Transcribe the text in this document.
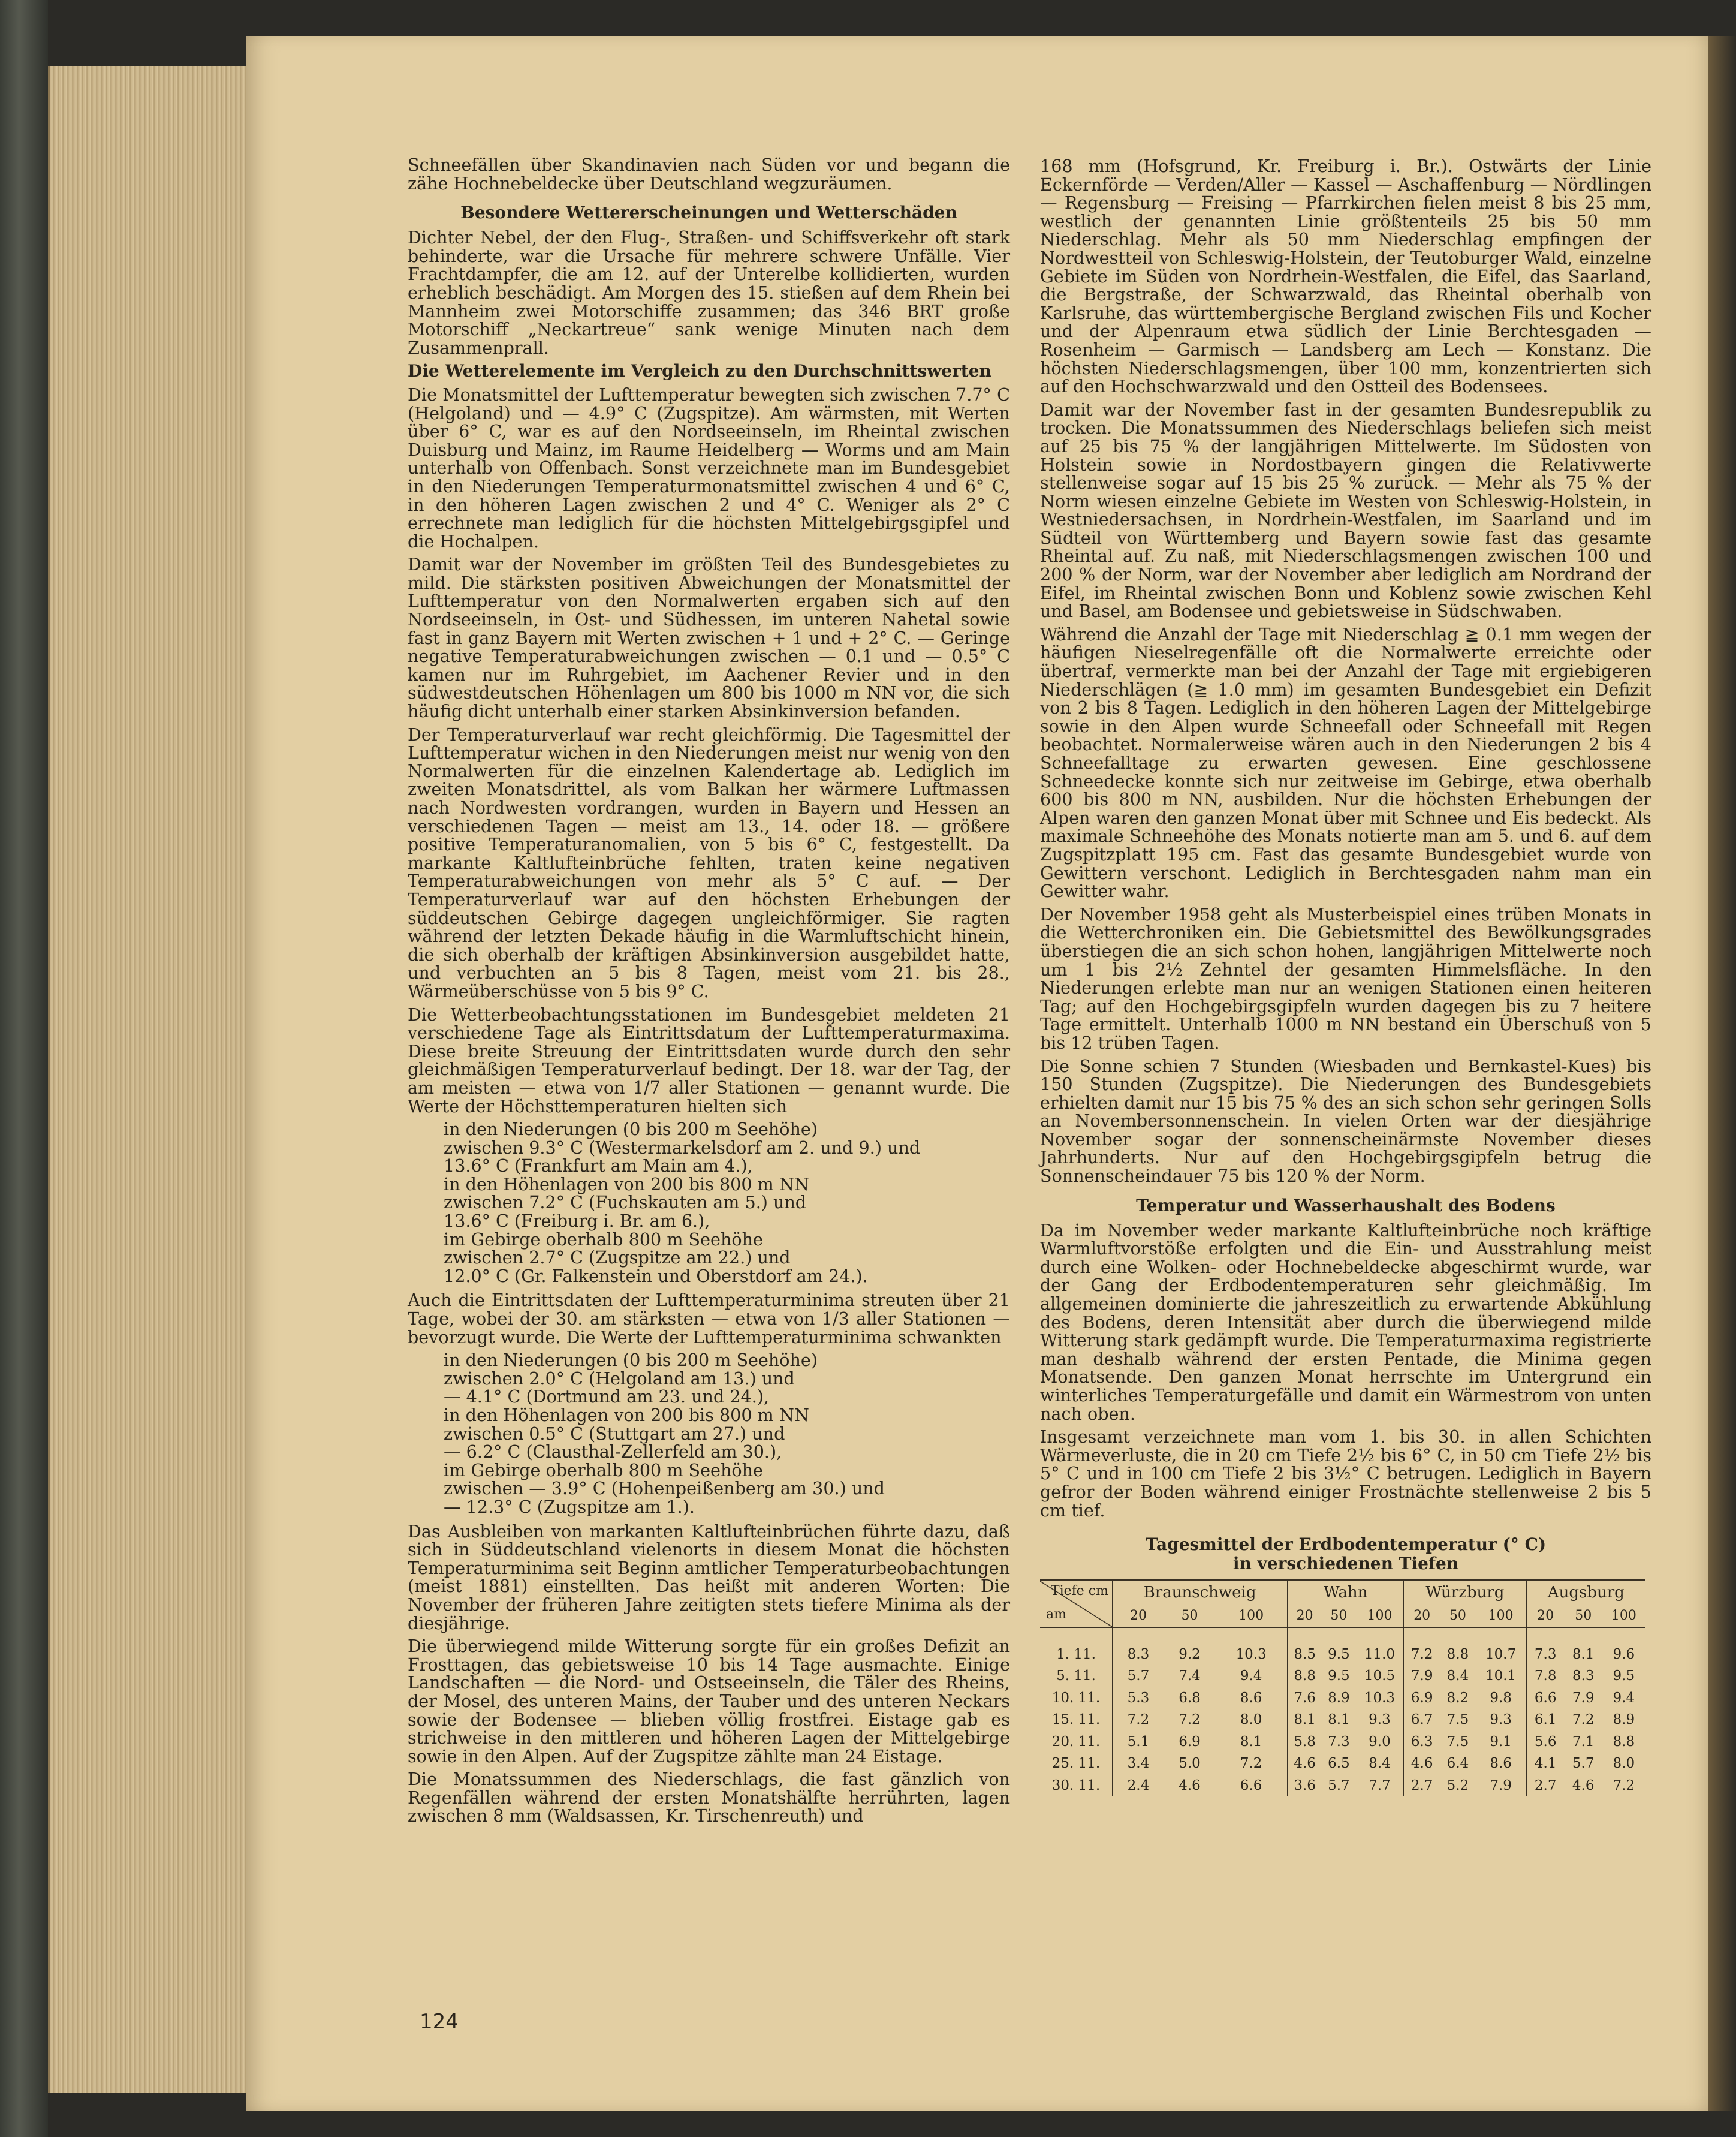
Schneefällen über Skandinavien nach Süden vor und begann die zähe Hochnebeldecke über Deutschland wegzuräumen.

Besondere Wettererscheinungen und Wetterschäden

Dichter Nebel, der den Flug-, Straßen- und Schiffsverkehr oft stark behinderte, war die Ursache für mehrere schwere Unfälle. Vier Frachtdampfer, die am 12. auf der Unterelbe kollidierten, wurden erheblich beschädigt. Am Morgen des 15. stießen auf dem Rhein bei Mannheim zwei Motorschiffe zusammen; das 346 BRT große Motorschiff „Neckartreue“ sank wenige Minuten nach dem Zusammenprall.

Die Wetterelemente im Vergleich zu den Durchschnittswerten

Die Monatsmittel der Lufttemperatur bewegten sich zwischen 7.7° C (Helgoland) und — 4.9° C (Zugspitze). Am wärmsten, mit Werten über 6° C, war es auf den Nordseeinseln, im Rheintal zwischen Duisburg und Mainz, im Raume Heidelberg — Worms und am Main unterhalb von Offenbach. Sonst verzeichnete man im Bundesgebiet in den Niederungen Temperaturmonatsmittel zwischen 4 und 6° C, in den höheren Lagen zwischen 2 und 4° C. Weniger als 2° C errechnete man lediglich für die höchsten Mittelgebirgsgipfel und die Hochalpen.

Damit war der November im größten Teil des Bundesgebietes zu mild. Die stärksten positiven Abweichungen der Monatsmittel der Lufttemperatur von den Normalwerten ergaben sich auf den Nordseeinseln, in Ost- und Südhessen, im unteren Nahetal sowie fast in ganz Bayern mit Werten zwischen + 1 und + 2° C. — Geringe negative Temperaturabweichungen zwischen — 0.1 und — 0.5° C kamen nur im Ruhrgebiet, im Aachener Revier und in den südwestdeutschen Höhenlagen um 800 bis 1000 m NN vor, die sich häufig dicht unterhalb einer starken Absinkinversion befanden.

Der Temperaturverlauf war recht gleichförmig. Die Tagesmittel der Lufttemperatur wichen in den Niederungen meist nur wenig von den Normalwerten für die einzelnen Kalendertage ab. Lediglich im zweiten Monatsdrittel, als vom Balkan her wärmere Luftmassen nach Nordwesten vordrangen, wurden in Bayern und Hessen an verschiedenen Tagen — meist am 13., 14. oder 18. — größere positive Temperaturanomalien, von 5 bis 6° C, festgestellt. Da markante Kaltlufteinbrüche fehlten, traten keine negativen Temperaturabweichungen von mehr als 5° C auf. — Der Temperaturverlauf war auf den höchsten Erhebungen der süddeutschen Gebirge dagegen ungleichförmiger. Sie ragten während der letzten Dekade häufig in die Warmluftschicht hinein, die sich oberhalb der kräftigen Absinkinversion ausgebildet hatte, und verbuchten an 5 bis 8 Tagen, meist vom 21. bis 28., Wärmeüberschüsse von 5 bis 9° C.

Die Wetterbeobachtungsstationen im Bundesgebiet meldeten 21 verschiedene Tage als Eintrittsdatum der Lufttemperaturmaxima. Diese breite Streuung der Eintrittsdaten wurde durch den sehr gleichmäßigen Temperaturverlauf bedingt. Der 18. war der Tag, der am meisten — etwa von 1/7 aller Stationen — genannt wurde. Die Werte der Höchsttemperaturen hielten sich

in den Niederungen (0 bis 200 m Seehöhe)
zwischen 9.3° C (Westermarkelsdorf am 2. und 9.) und
13.6° C (Frankfurt am Main am 4.),
in den Höhenlagen von 200 bis 800 m NN
zwischen 7.2° C (Fuchskauten am 5.) und
13.6° C (Freiburg i. Br. am 6.),
im Gebirge oberhalb 800 m Seehöhe
zwischen 2.7° C (Zugspitze am 22.) und
12.0° C (Gr. Falkenstein und Oberstdorf am 24.).

Auch die Eintrittsdaten der Lufttemperaturminima streuten über 21 Tage, wobei der 30. am stärksten — etwa von 1/3 aller Stationen — bevorzugt wurde. Die Werte der Lufttemperaturminima schwankten

in den Niederungen (0 bis 200 m Seehöhe)
zwischen 2.0° C (Helgoland am 13.) und
— 4.1° C (Dortmund am 23. und 24.),
in den Höhenlagen von 200 bis 800 m NN
zwischen 0.5° C (Stuttgart am 27.) und
— 6.2° C (Clausthal-Zellerfeld am 30.),
im Gebirge oberhalb 800 m Seehöhe
zwischen — 3.9° C (Hohenpeißenberg am 30.) und
— 12.3° C (Zugspitze am 1.).

Das Ausbleiben von markanten Kaltlufteinbrüchen führte dazu, daß sich in Süddeutschland vielenorts in diesem Monat die höchsten Temperaturminima seit Beginn amtlicher Temperaturbeobachtungen (meist 1881) einstellten. Das heißt mit anderen Worten: Die November der früheren Jahre zeitigten stets tiefere Minima als der diesjährige.

Die überwiegend milde Witterung sorgte für ein großes Defizit an Frosttagen, das gebietsweise 10 bis 14 Tage ausmachte. Einige Landschaften — die Nord- und Ostseeinseln, die Täler des Rheins, der Mosel, des unteren Mains, der Tauber und des unteren Neckars sowie der Bodensee — blieben völlig frostfrei. Eistage gab es strichweise in den mittleren und höheren Lagen der Mittelgebirge sowie in den Alpen. Auf der Zugspitze zählte man 24 Eistage.

Die Monatssummen des Niederschlags, die fast gänzlich von Regenfällen während der ersten Monatshälfte herrührten, lagen zwischen 8 mm (Waldsassen, Kr. Tirschenreuth) und

168 mm (Hofsgrund, Kr. Freiburg i. Br.). Ostwärts der Linie Eckernförde — Verden/Aller — Kassel — Aschaffenburg — Nördlingen — Regensburg — Freising — Pfarrkirchen fielen meist 8 bis 25 mm, westlich der genannten Linie größtenteils 25 bis 50 mm Niederschlag. Mehr als 50 mm Niederschlag empfingen der Nordwestteil von Schleswig-Holstein, der Teutoburger Wald, einzelne Gebiete im Süden von Nordrhein-Westfalen, die Eifel, das Saarland, die Bergstraße, der Schwarzwald, das Rheintal oberhalb von Karlsruhe, das württembergische Bergland zwischen Fils und Kocher und der Alpenraum etwa südlich der Linie Berchtesgaden — Rosenheim — Garmisch — Landsberg am Lech — Konstanz. Die höchsten Niederschlagsmengen, über 100 mm, konzentrierten sich auf den Hochschwarzwald und den Ostteil des Bodensees.

Damit war der November fast in der gesamten Bundesrepublik zu trocken. Die Monatssummen des Niederschlags beliefen sich meist auf 25 bis 75 % der langjährigen Mittelwerte. Im Südosten von Holstein sowie in Nordostbayern gingen die Relativwerte stellenweise sogar auf 15 bis 25 % zurück. — Mehr als 75 % der Norm wiesen einzelne Gebiete im Westen von Schleswig-Holstein, in Westniedersachsen, in Nordrhein-Westfalen, im Saarland und im Südteil von Württemberg und Bayern sowie fast das gesamte Rheintal auf. Zu naß, mit Niederschlagsmengen zwischen 100 und 200 % der Norm, war der November aber lediglich am Nordrand der Eifel, im Rheintal zwischen Bonn und Koblenz sowie zwischen Kehl und Basel, am Bodensee und gebietsweise in Südschwaben.

Während die Anzahl der Tage mit Niederschlag ≧ 0.1 mm wegen der häufigen Nieselregenfälle oft die Normalwerte erreichte oder übertraf, vermerkte man bei der Anzahl der Tage mit ergiebigeren Niederschlägen (≧ 1.0 mm) im gesamten Bundesgebiet ein Defizit von 2 bis 8 Tagen. Lediglich in den höheren Lagen der Mittelgebirge sowie in den Alpen wurde Schneefall oder Schneefall mit Regen beobachtet. Normalerweise wären auch in den Niederungen 2 bis 4 Schneefalltage zu erwarten gewesen. Eine geschlossene Schneedecke konnte sich nur zeitweise im Gebirge, etwa oberhalb 600 bis 800 m NN, ausbilden. Nur die höchsten Erhebungen der Alpen waren den ganzen Monat über mit Schnee und Eis bedeckt. Als maximale Schneehöhe des Monats notierte man am 5. und 6. auf dem Zugspitzplatt 195 cm. Fast das gesamte Bundesgebiet wurde von Gewittern verschont. Lediglich in Berchtesgaden nahm man ein Gewitter wahr.

Der November 1958 geht als Musterbeispiel eines trüben Monats in die Wetterchroniken ein. Die Gebietsmittel des Bewölkungsgrades überstiegen die an sich schon hohen, langjährigen Mittelwerte noch um 1 bis 2½ Zehntel der gesamten Himmelsfläche. In den Niederungen erlebte man nur an wenigen Stationen einen heiteren Tag; auf den Hochgebirgsgipfeln wurden dagegen bis zu 7 heitere Tage ermittelt. Unterhalb 1000 m NN bestand ein Überschuß von 5 bis 12 trüben Tagen.

Die Sonne schien 7 Stunden (Wiesbaden und Bernkastel-Kues) bis 150 Stunden (Zugspitze). Die Niederungen des Bundesgebiets erhielten damit nur 15 bis 75 % des an sich schon sehr geringen Solls an Novembersonnenschein. In vielen Orten war der diesjährige November sogar der sonnenscheinärmste November dieses Jahrhunderts. Nur auf den Hochgebirgsgipfeln betrug die Sonnenscheindauer 75 bis 120 % der Norm.

Temperatur und Wasserhaushalt des Bodens

Da im November weder markante Kaltlufteinbrüche noch kräftige Warmluftvorstöße erfolgten und die Ein- und Ausstrahlung meist durch eine Wolken- oder Hochnebeldecke abgeschirmt wurde, war der Gang der Erdbodentemperaturen sehr gleichmäßig. Im allgemeinen dominierte die jahreszeitlich zu erwartende Abkühlung des Bodens, deren Intensität aber durch die überwiegend milde Witterung stark gedämpft wurde. Die Temperaturmaxima registrierte man deshalb während der ersten Pentade, die Minima gegen Monatsende. Den ganzen Monat herrschte im Untergrund ein winterliches Temperaturgefälle und damit ein Wärmestrom von unten nach oben.

Insgesamt verzeichnete man vom 1. bis 30. in allen Schichten Wärmeverluste, die in 20 cm Tiefe 2½ bis 6° C, in 50 cm Tiefe 2½ bis 5° C und in 100 cm Tiefe 2 bis 3½° C betrugen. Lediglich in Bayern gefror der Boden während einiger Frostnächte stellenweise 2 bis 5 cm tief.

Tagesmittel der Erdbodentemperatur (° C)
in verschiedenen Tiefen
Tiefe cm
am	Braunschweig			Wahn			Würzburg			Augsburg		
	20	50	100	20	50	100	20	50	100	20	50	100
1. 11.	8.3	9.2	10.3	8.5	9.5	11.0	7.2	8.8	10.7	7.3	8.1	9.6
5. 11.	5.7	7.4	9.4	8.8	9.5	10.5	7.9	8.4	10.1	7.8	8.3	9.5
10. 11.	5.3	6.8	8.6	7.6	8.9	10.3	6.9	8.2	9.8	6.6	7.9	9.4
15. 11.	7.2	7.2	8.0	8.1	8.1	9.3	6.7	7.5	9.3	6.1	7.2	8.9
20. 11.	5.1	6.9	8.1	5.8	7.3	9.0	6.3	7.5	9.1	5.6	7.1	8.8
25. 11.	3.4	5.0	7.2	4.6	6.5	8.4	4.6	6.4	8.6	4.1	5.7	8.0
30. 11.	2.4	4.6	6.6	3.6	5.7	7.7	2.7	5.2	7.9	2.7	4.6	7.2
124
